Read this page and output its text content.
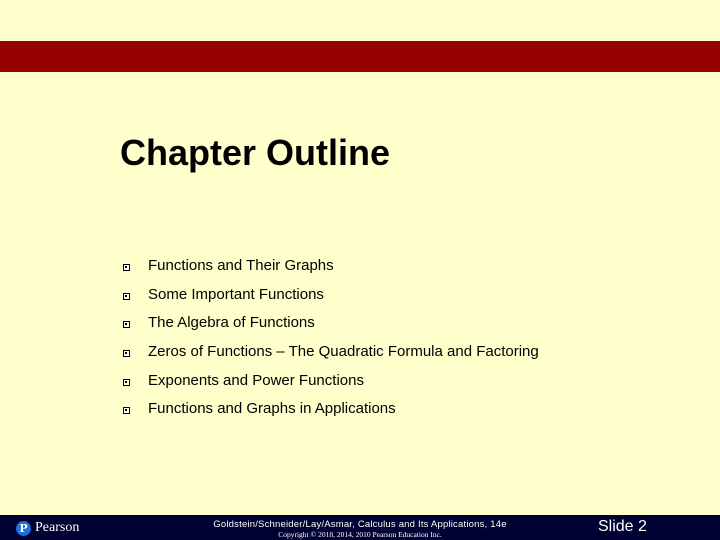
Chapter Outline
Functions and Their Graphs
Some Important Functions
The Algebra of Functions
Zeros of Functions – The Quadratic Formula and Factoring
Exponents and Power Functions
Functions and Graphs in Applications
P Pearson	Goldstein/Schneider/Lay/Asmar, Calculus and Its Applications, 14e
Copyright © 2018, 2014, 2010 Pearson Education Inc.	Slide 2
